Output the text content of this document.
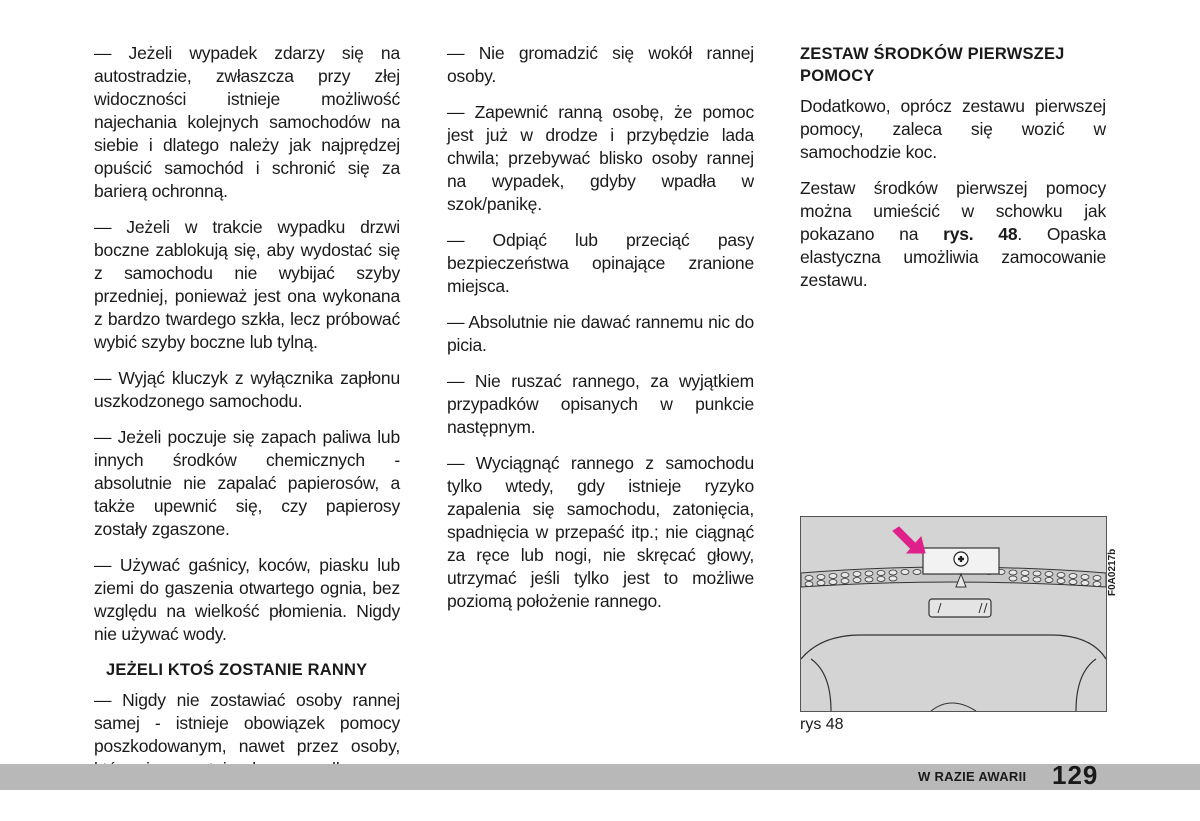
— Jeżeli wypadek zdarzy się na autostradzie, zwłaszcza przy złej widoczności istnieje możliwość najechania kolejnych samochodów na siebie i dlatego należy jak najprędzej opuścić samochód i schronić się za barierą ochronną.

— Jeżeli w trakcie wypadku drzwi boczne zablokują się, aby wydostać się z samochodu nie wybijać szyby przedniej, ponieważ jest ona wykonana z bardzo twardego szkła, lecz próbować wybić szyby boczne lub tylną.

— Wyjąć kluczyk z wyłącznika zapłonu uszkodzonego samochodu.

— Jeżeli poczuje się zapach paliwa lub innych środków chemicznych - absolutnie nie zapalać papierosów, a także upewnić się, czy papierosy zostały zgaszone.

— Używać gaśnicy, koców, piasku lub ziemi do gaszenia otwartego ognia, bez względu na wielkość płomienia. Nigdy nie używać wody.

JEŻELI KTOŚ ZOSTANIE RANNY

— Nigdy nie zostawiać osoby rannej samej - istnieje obowiązek pomocy poszkodowanym, nawet przez osoby,

— Nie gromadzić się wokół rannej osoby.

— Zapewnić ranną osobę, że pomoc jest już w drodze i przybędzie lada chwila; przebywać blisko osoby rannej na wypadek, gdyby wpadła w szok/panikę.

— Odpiąć lub przeciąć pasy bezpieczeństwa opinające zranione miejsca.

— Absolutnie nie dawać rannemu nic do picia.

— Nie ruszać rannego, za wyjątkiem przypadków opisanych w punkcie następnym.

— Wyciągnąć rannego z samochodu tylko wtedy, gdy istnieje ryzyko zapalenia się samochodu, zatonięcia, spadnięcia w przepaść itp.; nie ciągnąć za ręce lub nogi, nie skręcać głowy, utrzymać jeśli tylko jest to możliwe poziomą położenie rannego.

ZESTAW ŚRODKÓW PIERWSZEJ POMOCY

Dodatkowo, oprócz zestawu pierwszej pomocy, zaleca się wozić w samochodzie koc.

Zestaw środków pierwszej pomocy można umieścić w schowku jak pokazano na rys. 48. Opaska elastyczna umożliwia zamocowanie zestawu.

F0A0217b
rys 48
W RAZIE AWARII 129
